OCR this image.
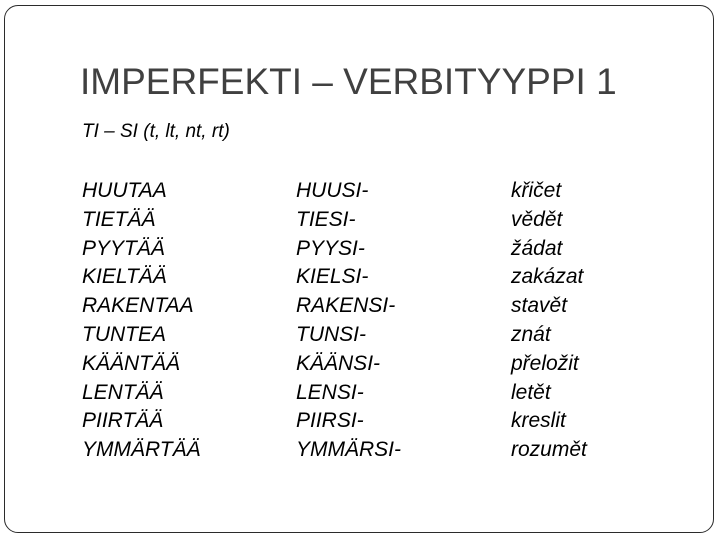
IMPERFEKTI – VERBITYYPPI 1
TI – SI (t, lt, nt, rt)
HUUTAA
TIETÄÄ
PYYTÄÄ
KIELTÄÄ
RAKENTAA
TUNTEA
KÄÄNTÄÄ
LENTÄÄ
PIIRTÄÄ
YMMÄRTÄÄ
HUUSI-
TIESI-
PYYSI-
KIELSI-
RAKENSI-
TUNSI-
KÄÄNSI-
LENSI-
PIIRSI-
YMMÄRSI-
křičet
vědět
žádat
zakázat
stavět
znát
přeložit
letět
kreslit
rozumět
